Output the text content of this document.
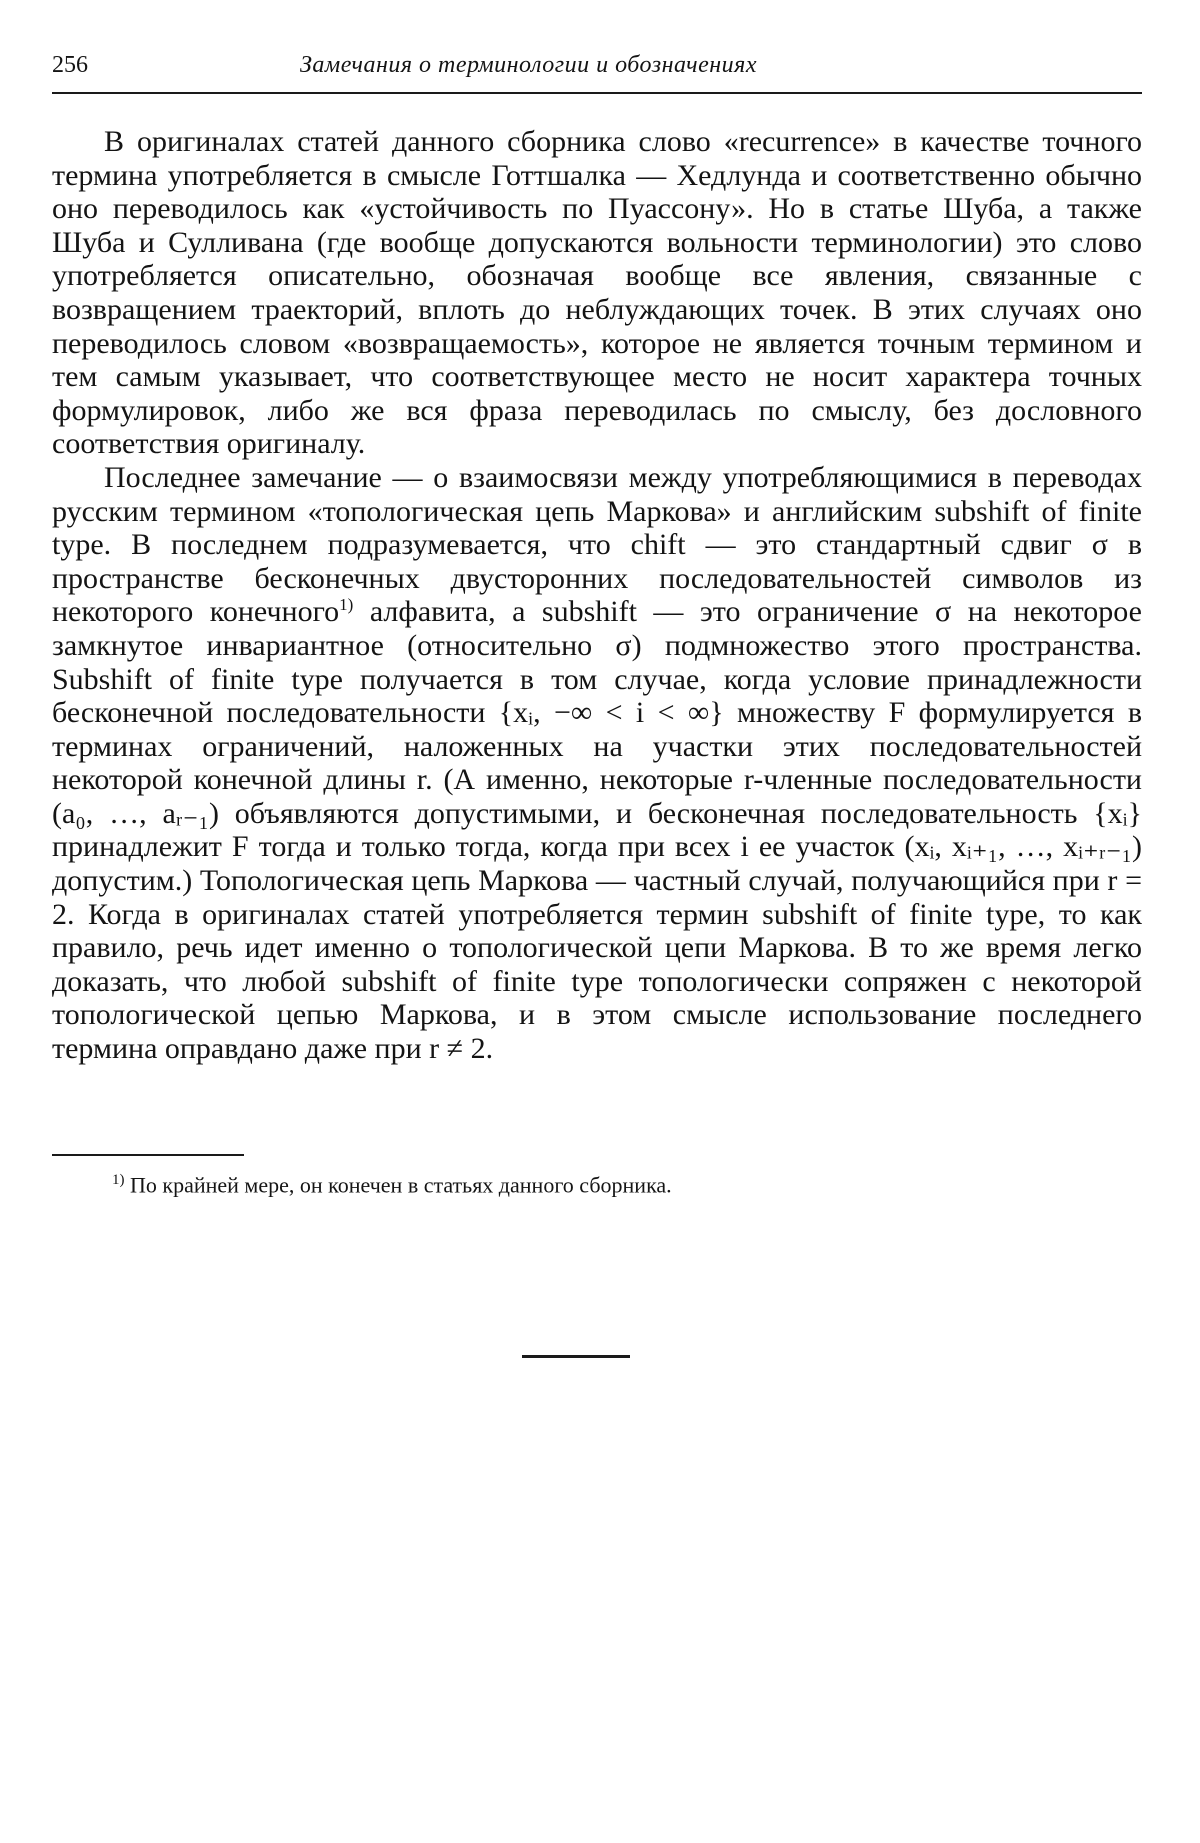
256	Замечания о терминологии и обозначениях

В оригиналах статей данного сборника слово «recurrence» в качестве точного термина употребляется в смысле Готтшалка — Хедлунда и соответственно обычно оно переводилось как «устойчивость по Пуассону». Но в статье Шуба, а также Шуба и Сулливана (где вообще допускаются вольности терминологии) это слово употребляется описательно, обозначая вообще все явления, связанные с возвращением траекторий, вплоть до неблуждающих точек. В этих случаях оно переводилось словом «возвращаемость», которое не является точным термином и тем самым указывает, что соответствующее место не носит характера точных формулировок, либо же вся фраза переводилась по смыслу, без дословного соответствия оригиналу.

Последнее замечание — о взаимосвязи между употребляющимися в переводах русским термином «топологическая цепь Маркова» и английским subshift of finite type. В последнем подразумевается, что chift — это стандартный сдвиг σ в пространстве бесконечных двусторонних последовательностей символов из некоторого конечного$^{1)}$ алфавита, а subshift — это ограничение σ на некоторое замкнутое инвариантное (относительно σ) подмножество этого пространства. Subshift of finite type получается в том случае, когда условие принадлежности бесконечной последовательности {xᵢ, −∞ < i < ∞} множеству F формулируется в терминах ограничений, наложенных на участки этих последовательностей некоторой конечной длины r. (А именно, некоторые r-членные последовательности (a₀, …, aᵣ₋₁) объявляются допустимыми, и бесконечная последовательность {xᵢ} принадлежит F тогда и только тогда, когда при всех i ее участок (xᵢ, xᵢ₊₁, …, xᵢ₊ᵣ₋₁) допустим.) Топологическая цепь Маркова — частный случай, получающийся при r = 2. Когда в оригиналах статей употребляется термин subshift of finite type, то как правило, речь идет именно о топологической цепи Маркова. В то же время легко доказать, что любой subshift of finite type топологически сопряжен с некоторой топологической цепью Маркова, и в этом смысле использование последнего термина оправдано даже при r ≠ 2.

$^{1)}$ По крайней мере, он конечен в статьях данного сборника.
